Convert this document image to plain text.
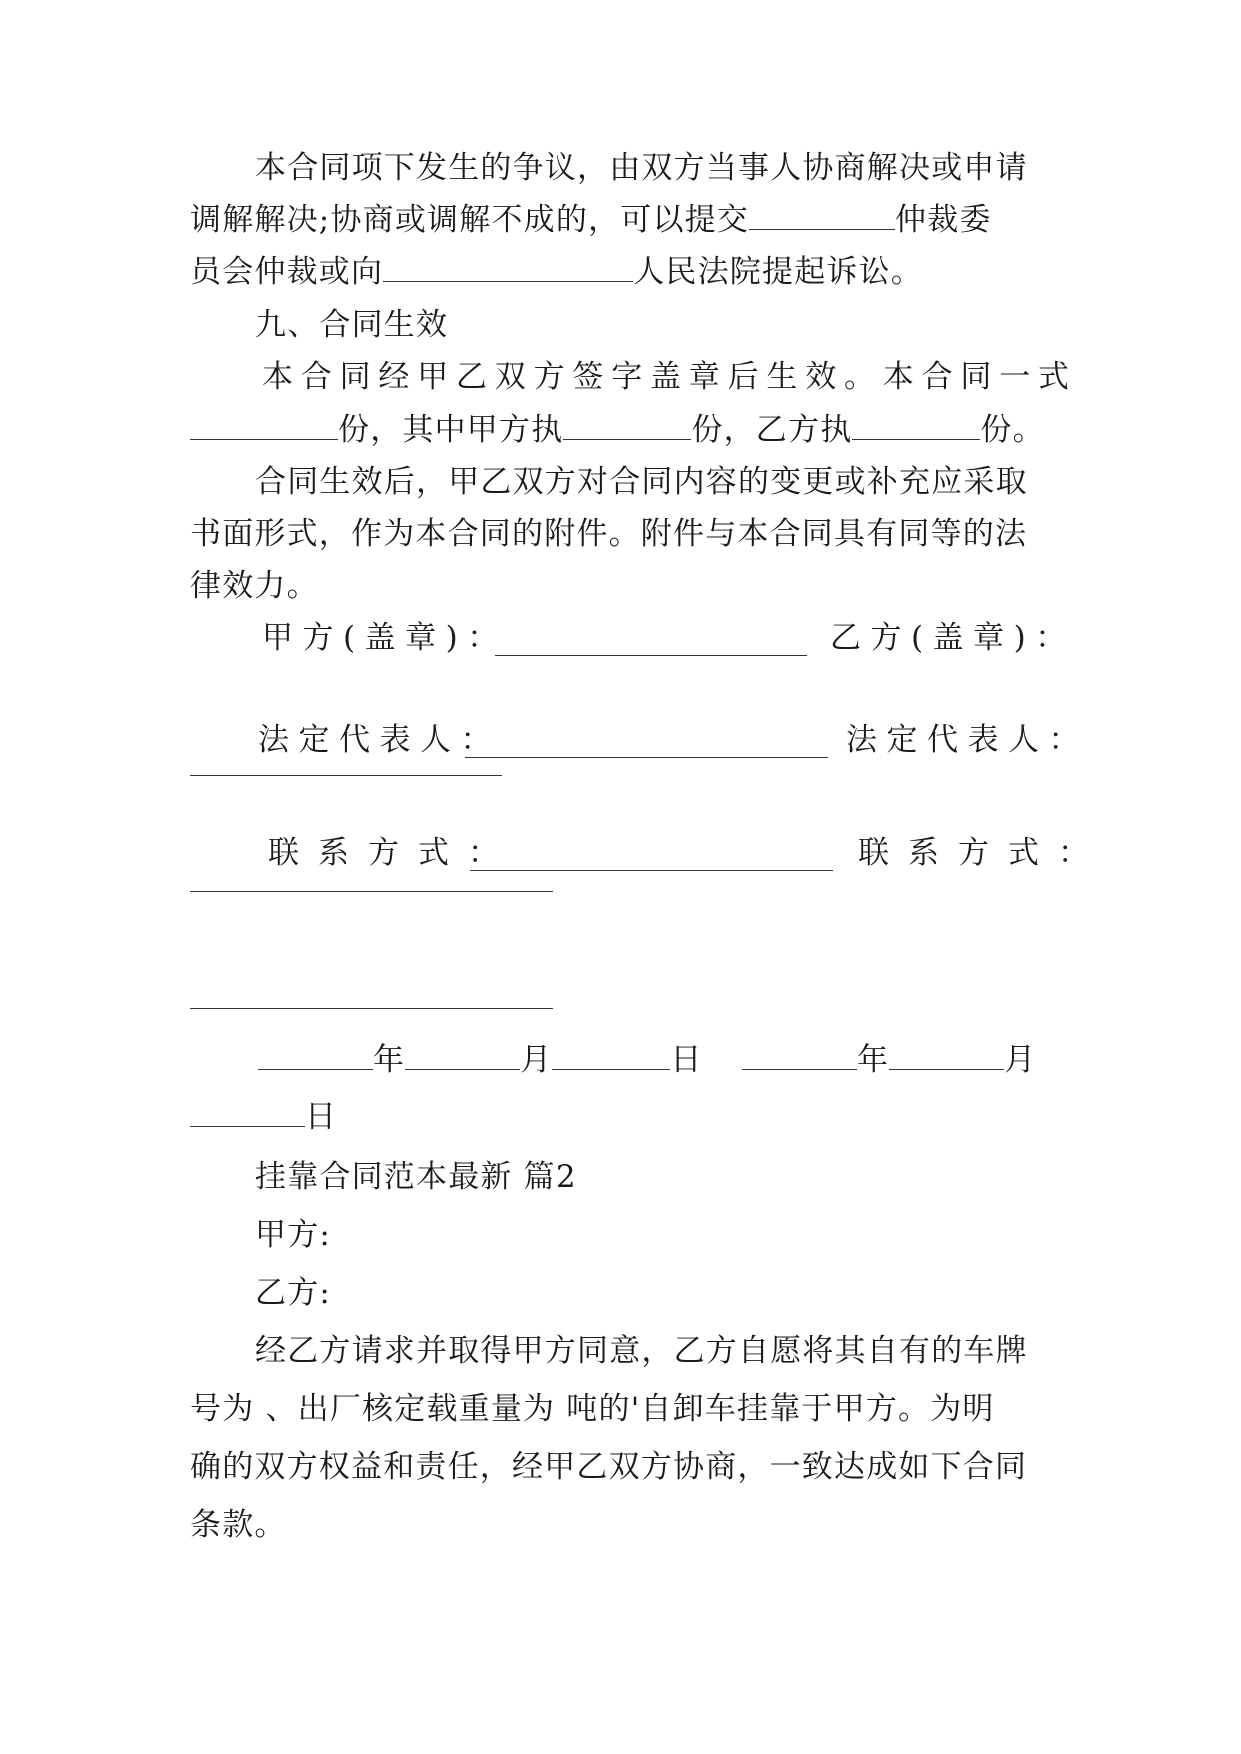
本合同项下发生的争议，由双方当事人协商解决或申请
调解解决;协商或调解不成的，可以提交	仲裁委
员会仲裁或向	人民法院提起诉讼。
九、合同生效
本合同经甲乙双方签字盖章后生效。本合同一式
份，其中甲方执	份，乙方执	份。
合同生效后，甲乙双方对合同内容的变更或补充应采取
书面形式，作为本合同的附件。附件与本合同具有同等的法
律效力。
甲方(盖章)：	乙方(盖章)：
法定代表人：	法定代表人：
联系方式：	联系方式：
年	月	日	年	月
日
挂靠合同范本最新 篇2
甲方:
乙方:
经乙方请求并取得甲方同意，乙方自愿将其自有的车牌
号为 、出厂核定载重量为 吨的'自卸车挂靠于甲方。为明
确的双方权益和责任，经甲乙双方协商，一致达成如下合同
条款。
